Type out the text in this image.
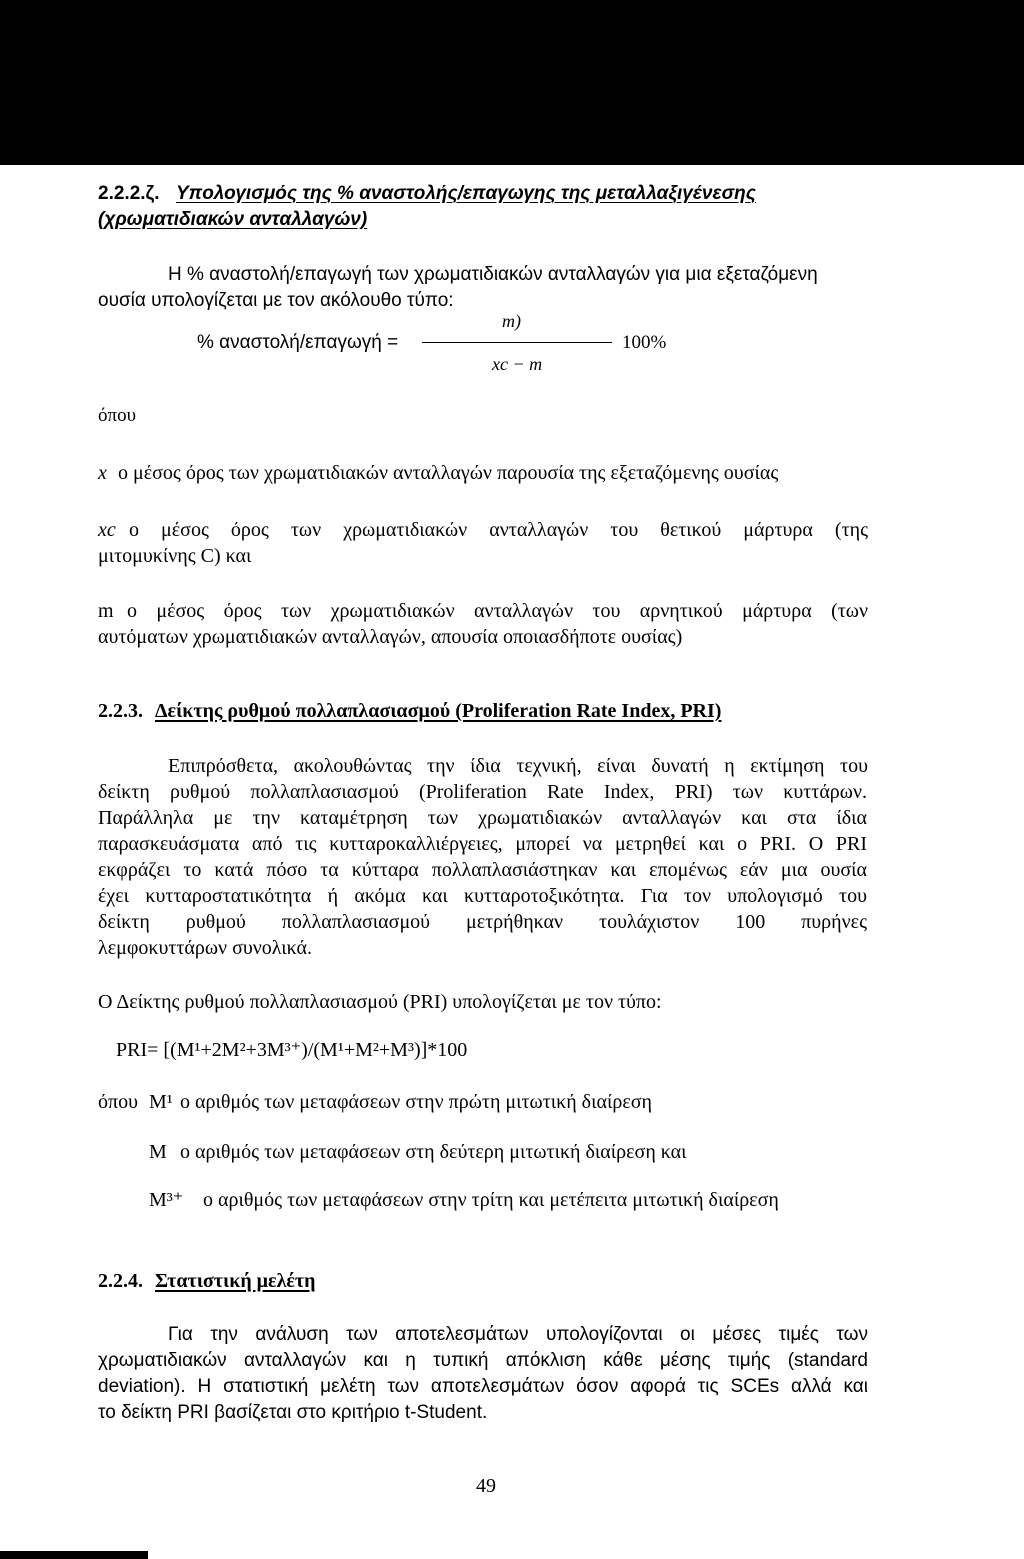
2.2.2.ζ. Υπολογισμός της % αναστολής/επαγωγης της μεταλλαξιγένεσης
(χρωματιδιακών ανταλλαγών)
Η % αναστολή/επαγωγή των χρωματιδιακών ανταλλαγών για μια εξεταζόμενη
ουσία υπολογίζεται με τον ακόλουθο τύπο:
% αναστολή/επαγωγή =
m)
xc − m
100%
όπου
x ο μέσος όρος των χρωματιδιακών ανταλλαγών παρουσία της εξεταζόμενης ουσίας
xc ο μέσος όρος των χρωματιδιακών ανταλλαγών του θετικού μάρτυρα (της
μιτομυκίνης C) και
m ο μέσος όρος των χρωματιδιακών ανταλλαγών του αρνητικού μάρτυρα (των
αυτόματων χρωματιδιακών ανταλλαγών, απουσία οποιασδήποτε ουσίας)
2.2.3. Δείκτης ρυθμού πολλαπλασιασμού (Proliferation Rate Index, PRI)
Επιπρόσθετα, ακολουθώντας την ίδια τεχνική, είναι δυνατή η εκτίμηση του
δείκτη ρυθμού πολλαπλασιασμού (Proliferation Rate Index, PRI) των κυττάρων.
Παράλληλα με την καταμέτρηση των χρωματιδιακών ανταλλαγών και στα ίδια
παρασκευάσματα από τις κυτταροκαλλιέργειες, μπορεί να μετρηθεί και ο PRI. Ο PRI
εκφράζει το κατά πόσο τα κύτταρα πολλαπλασιάστηκαν και επομένως εάν μια ουσία
έχει κυτταροστατικότητα ή ακόμα και κυτταροτοξικότητα. Για τον υπολογισμό του
δείκτη ρυθμού πολλαπλασιασμού μετρήθηκαν τουλάχιστον 100 πυρήνες
λεμφοκυττάρων συνολικά.
Ο Δείκτης ρυθμού πολλαπλασιασμού (PRI) υπολογίζεται με τον τύπο:
PRI= [(M¹+2M²+3M³⁺)/(M¹+M²+M³)]*100
όπου M¹ ο αριθμός των μεταφάσεων στην πρώτη μιτωτική διαίρεση
M ο αριθμός των μεταφάσεων στη δεύτερη μιτωτική διαίρεση και
M³⁺ ο αριθμός των μεταφάσεων στην τρίτη και μετέπειτα μιτωτική διαίρεση
2.2.4. Στατιστική μελέτη
Για την ανάλυση των αποτελεσμάτων υπολογίζονται οι μέσες τιμές των
χρωματιδιακών ανταλλαγών και η τυπική απόκλιση κάθε μέσης τιμής (standard
deviation). Η στατιστική μελέτη των αποτελεσμάτων όσον αφορά τις SCEs αλλά και
το δείκτη PRI βασίζεται στο κριτήριο t-Student.
49
